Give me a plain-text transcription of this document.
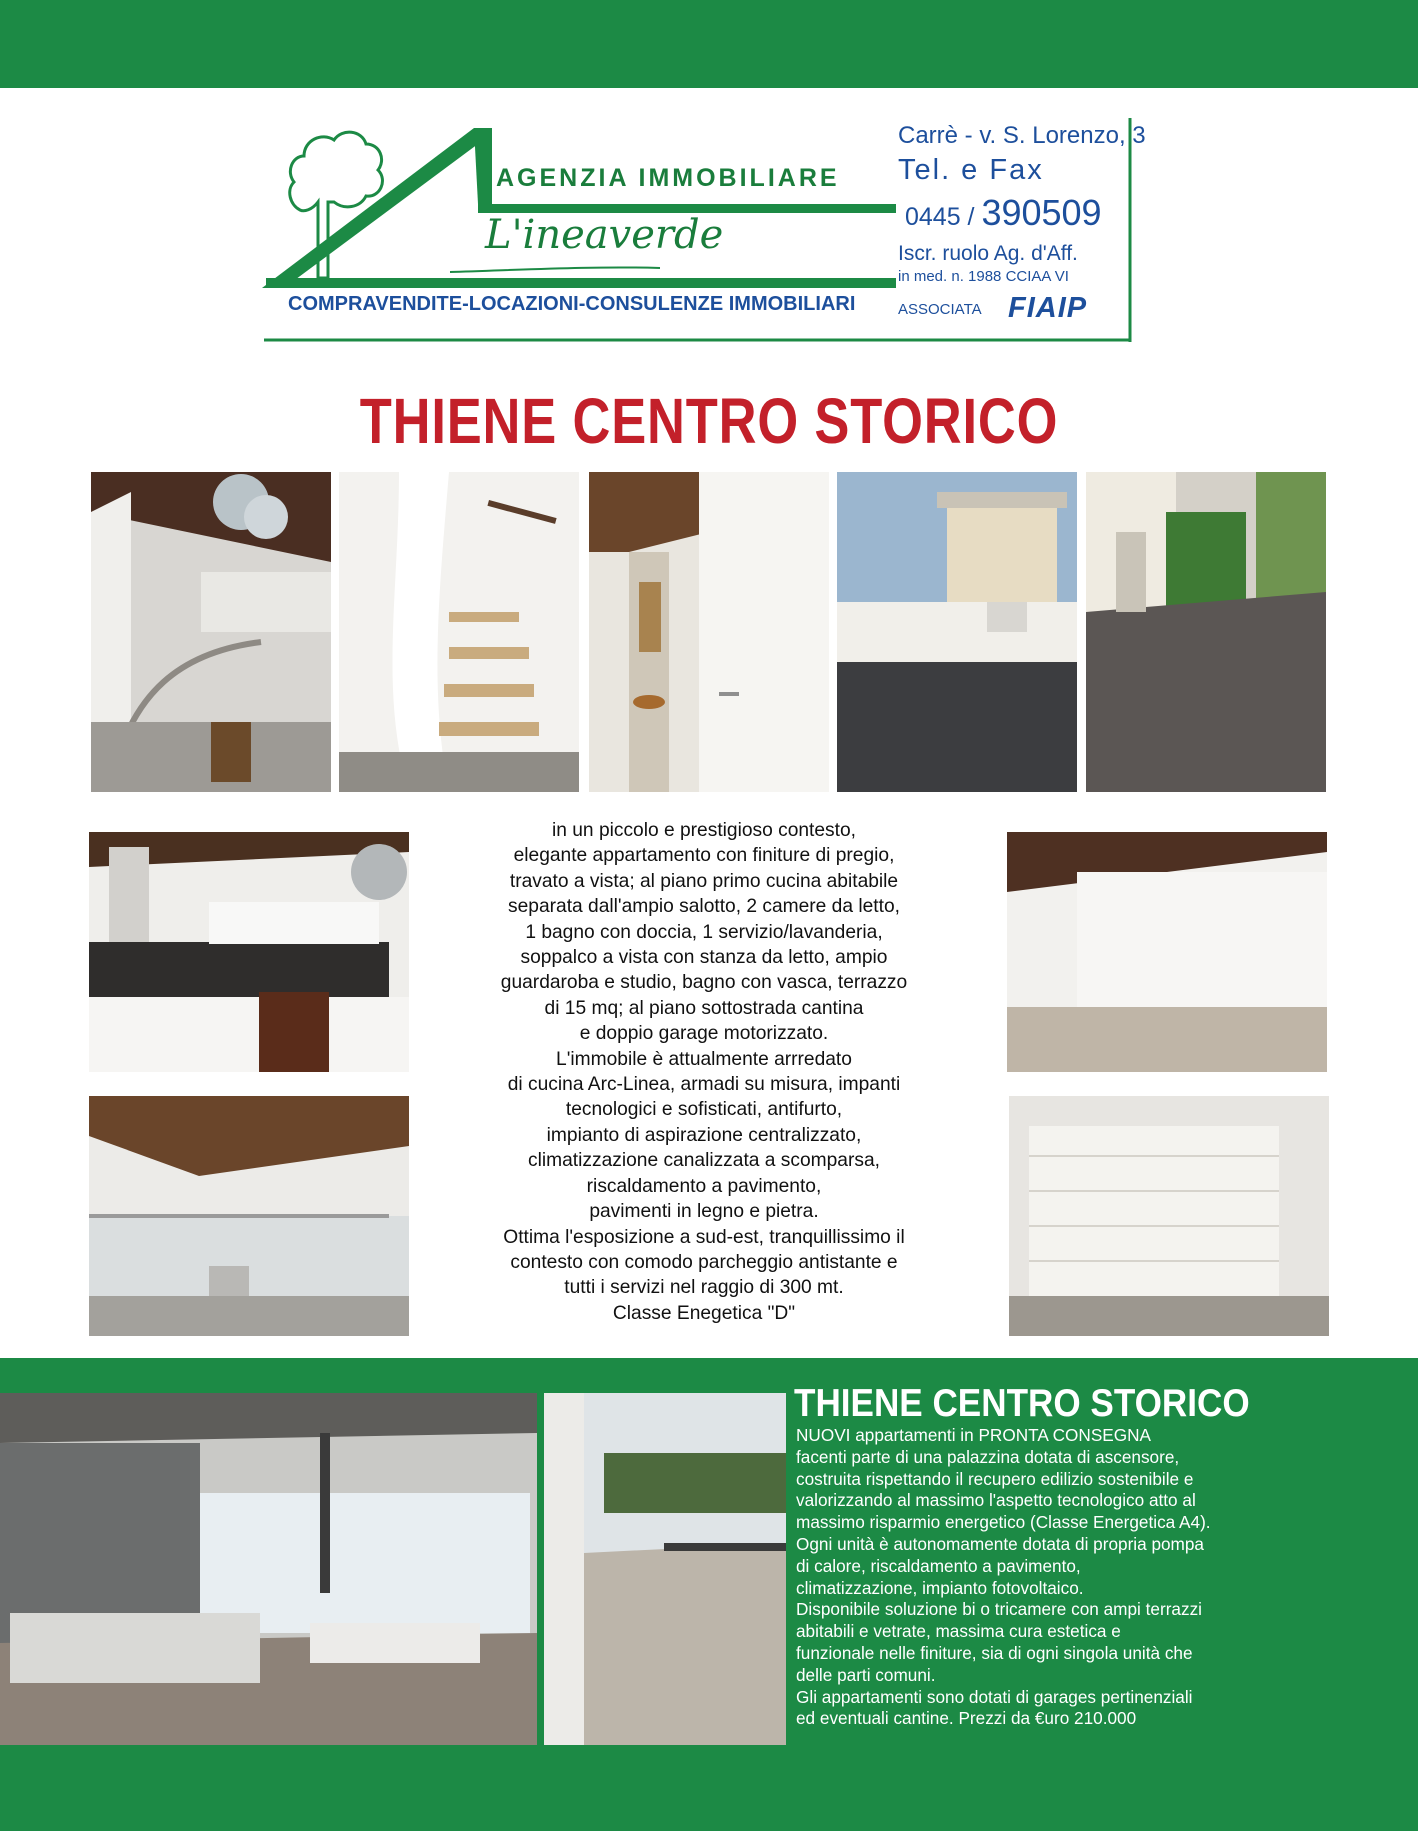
AGENZIA IMMOBILIARE
L'ineaverde
COMPRAVENDITE-LOCAZIONI-CONSULENZE IMMOBILIARI
Carrè - v. S. Lorenzo, 3
Tel. e Fax
0445 / 390509
Iscr. ruolo Ag. d'Aff.
in med. n. 1988 CCIAA VI
ASSOCIATA FIAIP
THIENE CENTRO STORICO
in un piccolo e prestigioso contesto,
elegante appartamento con finiture di pregio,
travato a vista; al piano primo cucina abitabile
separata dall'ampio salotto, 2 camere da letto,
1 bagno con doccia, 1 servizio/lavanderia,
soppalco a vista con stanza da letto, ampio
guardaroba e studio, bagno con vasca, terrazzo
di 15 mq; al piano sottostrada cantina
e doppio garage motorizzato.
L'immobile è attualmente arrredato
di cucina Arc-Linea, armadi su misura, impanti
tecnologici e sofisticati, antifurto,
impianto di aspirazione centralizzato,
climatizzazione canalizzata a scomparsa,
riscaldamento a pavimento,
pavimenti in legno e pietra.
Ottima l'esposizione a sud-est, tranquillissimo il
contesto con comodo parcheggio antistante e
tutti i servizi nel raggio di 300 mt.
Classe Enegetica "D"
THIENE CENTRO STORICO
NUOVI appartamenti in PRONTA CONSEGNA
facenti parte di una palazzina dotata di ascensore,
costruita rispettando il recupero edilizio sostenibile e
valorizzando al massimo l'aspetto tecnologico atto al
massimo risparmio energetico (Classe Energetica A4).
Ogni unità è autonomamente dotata di propria pompa
di calore, riscaldamento a pavimento,
climatizzazione, impianto fotovoltaico.
Disponibile soluzione bi o tricamere con ampi terrazzi
abitabili e vetrate, massima cura estetica e
funzionale nelle finiture, sia di ogni singola unità che
delle parti comuni.
Gli appartamenti sono dotati di garages pertinenziali
ed eventuali cantine. Prezzi da €uro 210.000
